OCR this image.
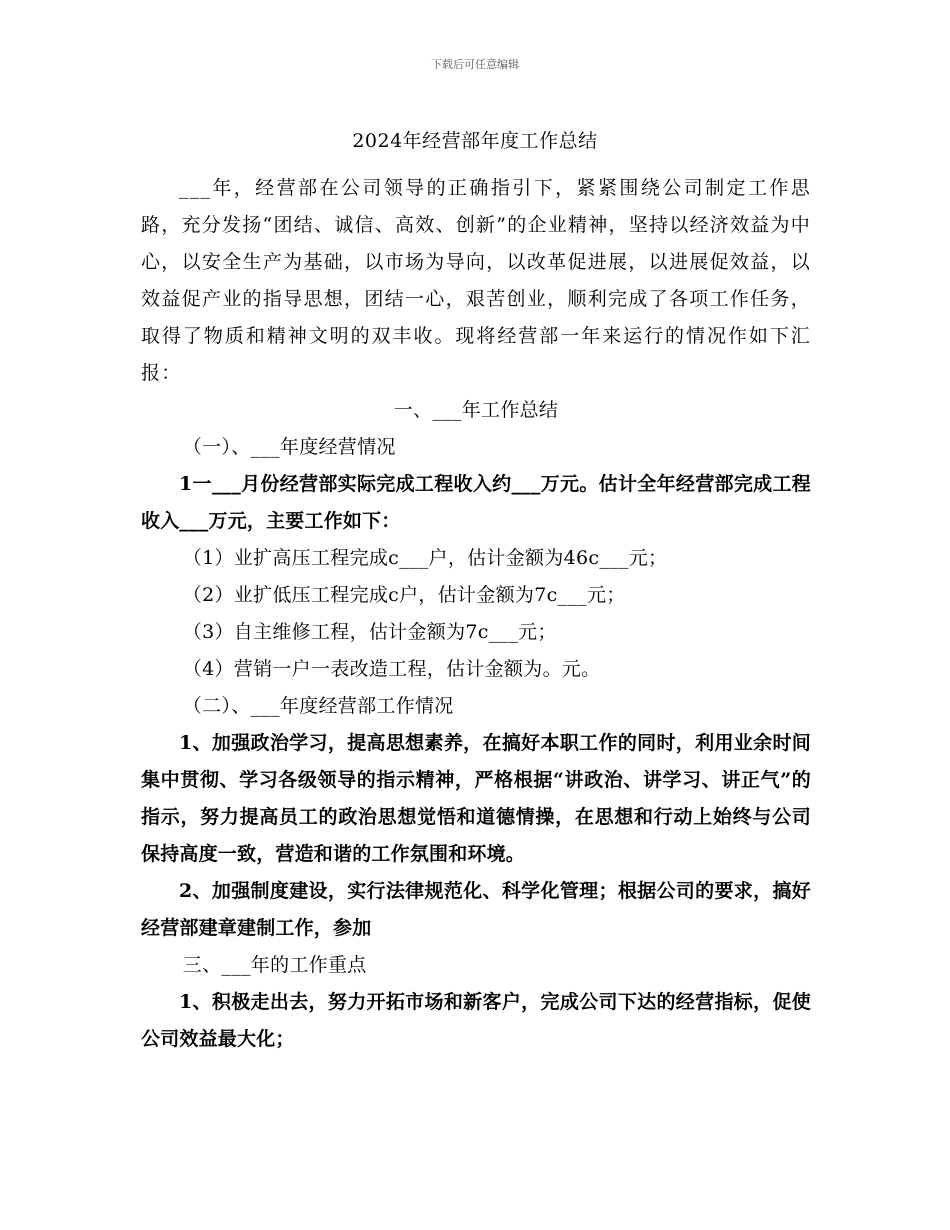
下载后可任意编辑
2024年经营部年度工作总结

___年，经营部在公司领导的正确指引下，紧紧围绕公司制定工作思路，充分发扬“团结、诚信、高效、创新”的企业精神，坚持以经济效益为中心，以安全生产为基础，以市场为导向，以改革促进展，以进展促效益，以效益促产业的指导思想，团结一心，艰苦创业，顺利完成了各项工作任务，取得了物质和精神文明的双丰收。现将经营部一年来运行的情况作如下汇报：

一、___年工作总结

（一）、___年度经营情况

1一___月份经营部实际完成工程收入约___万元。估计全年经营部完成工程收入___万元，主要工作如下：

（1）业扩高压工程完成c___户，估计金额为46c___元；

（2）业扩低压工程完成c户，估计金额为7c___元；

（3）自主维修工程，估计金额为7c___元；

（4）营销一户一表改造工程，估计金额为。元。

（二）、___年度经营部工作情况

1、加强政治学习，提高思想素养，在搞好本职工作的同时，利用业余时间集中贯彻、学习各级领导的指示精神，严格根据“讲政治、讲学习、讲正气”的指示，努力提高员工的政治思想觉悟和道德情操，在思想和行动上始终与公司保持高度一致，营造和谐的工作氛围和环境。

2、加强制度建设，实行法律规范化、科学化管理；根据公司的要求，搞好经营部建章建制工作，参加

三、___年的工作重点

1、积极走出去，努力开拓市场和新客户，完成公司下达的经营指标，促使公司效益最大化；
